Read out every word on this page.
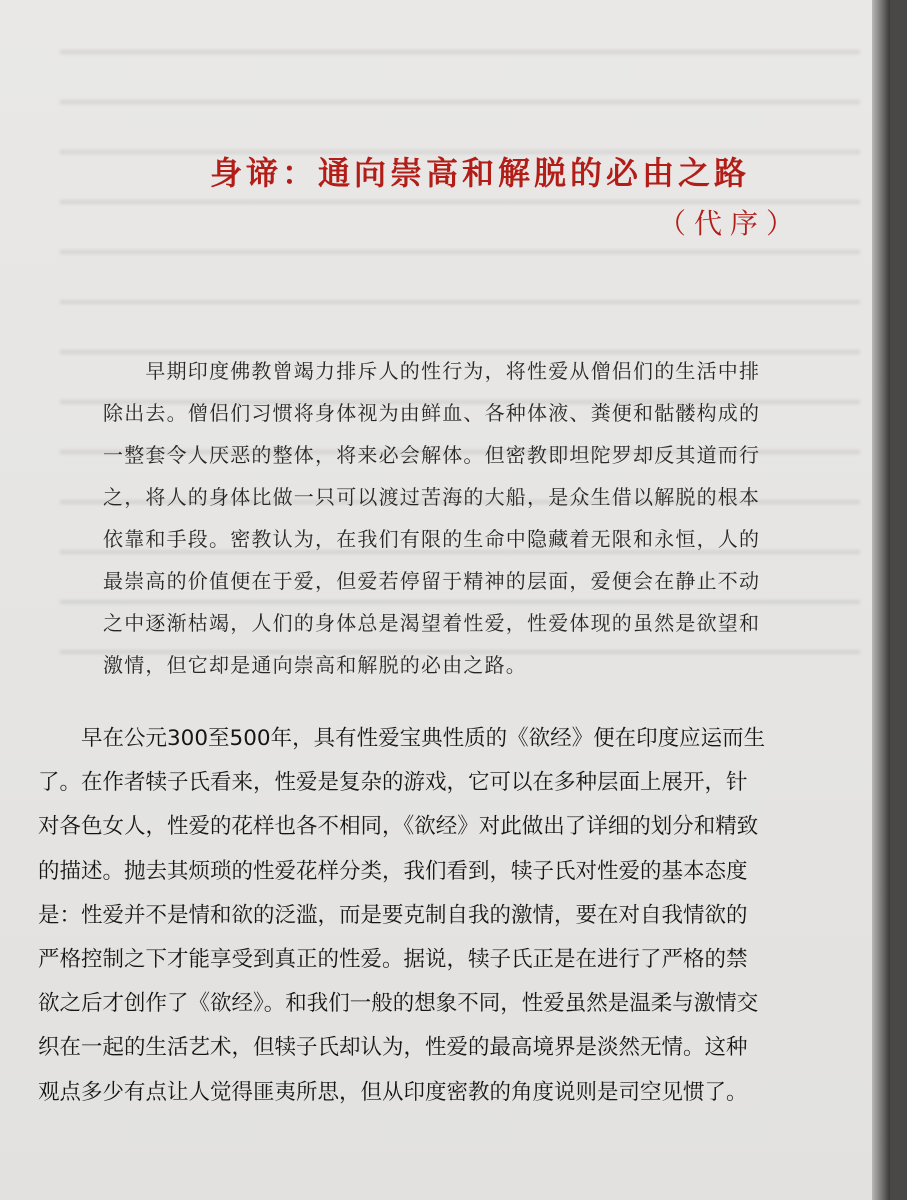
身谛：通向崇高和解脱的必由之路
（代序）
　　早期印度佛教曾竭力排斥人的性行为，将性爱从僧侣们的生活中排
除出去。僧侣们习惯将身体视为由鲜血、各种体液、粪便和骷髅构成的
一整套令人厌恶的整体，将来必会解体。但密教即坦陀罗却反其道而行
之，将人的身体比做一只可以渡过苦海的大船，是众生借以解脱的根本
依靠和手段。密教认为，在我们有限的生命中隐藏着无限和永恒，人的
最崇高的价值便在于爱，但爱若停留于精神的层面，爱便会在静止不动
之中逐渐枯竭，人们的身体总是渴望着性爱，性爱体现的虽然是欲望和
激情，但它却是通向崇高和解脱的必由之路。
　　早在公元300至500年，具有性爱宝典性质的《欲经》便在印度应运而生
了。在作者犊子氏看来，性爱是复杂的游戏，它可以在多种层面上展开，针
对各色女人，性爱的花样也各不相同，《欲经》对此做出了详细的划分和精致
的描述。抛去其烦琐的性爱花样分类，我们看到，犊子氏对性爱的基本态度
是：性爱并不是情和欲的泛滥，而是要克制自我的激情，要在对自我情欲的
严格控制之下才能享受到真正的性爱。据说，犊子氏正是在进行了严格的禁
欲之后才创作了《欲经》。和我们一般的想象不同，性爱虽然是温柔与激情交
织在一起的生活艺术，但犊子氏却认为，性爱的最高境界是淡然无情。这种
观点多少有点让人觉得匪夷所思，但从印度密教的角度说则是司空见惯了。
